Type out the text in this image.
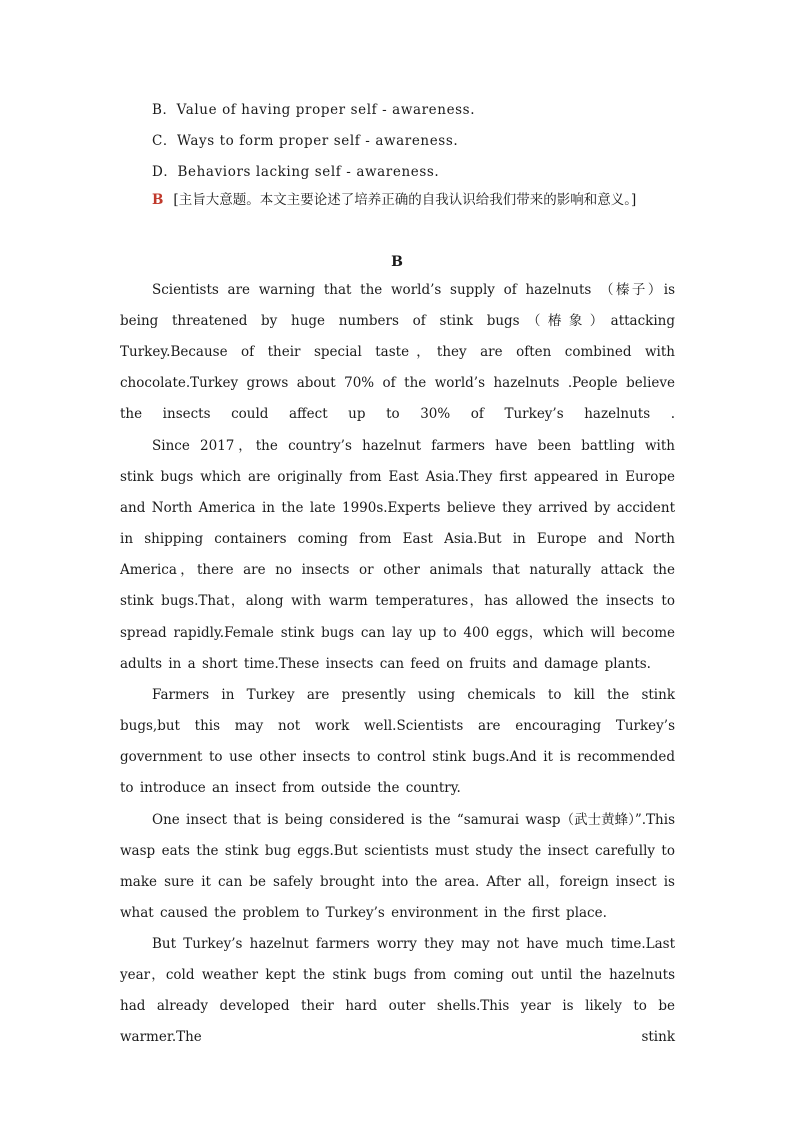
B．Value of having proper self - awareness.
C．Ways to form proper self - awareness.
D．Behaviors lacking self - awareness.
B [主旨大意题。本文主要论述了培养正确的自我认识给我们带来的影响和意义。]
B
Scientists are warning that the world’s supply of hazelnuts （榛子）is being threatened by huge numbers of stink bugs（椿象）attacking Turkey.Because of their special taste，they are often combined with chocolate.Turkey grows about 70% of the world’s hazelnuts .People believe the insects could affect up to 30% of Turkey’s hazelnuts .
Since 2017，the country’s hazelnut farmers have been battling with stink bugs which are originally from East Asia.They first appeared in Europe and North America in the late 1990s.Experts believe they arrived by accident in shipping containers coming from East Asia.But in Europe and North America，there are no insects or other animals that naturally attack the stink bugs.That，along with warm temperatures，has allowed the insects to spread rapidly.Female stink bugs can lay up to 400 eggs，which will become adults in a short time.These insects can feed on fruits and damage plants.
Farmers in Turkey are presently using chemicals to kill the stink bugs,but this may not work well.Scientists are encouraging Turkey’s government to use other insects to control stink bugs.And it is recommended to introduce an insect from outside the country.
One insect that is being considered is the “samurai wasp（武士黄蜂）”.This wasp eats the stink bug eggs.But scientists must study the insect carefully to make sure it can be safely brought into the area. After all，foreign insect is what caused the problem to Turkey’s environment in the first place.
But Turkey’s hazelnut farmers worry they may not have much time.Last year，cold weather kept the stink bugs from coming out until the hazelnuts had already developed their hard outer shells.This year is likely to be warmer.The stink
